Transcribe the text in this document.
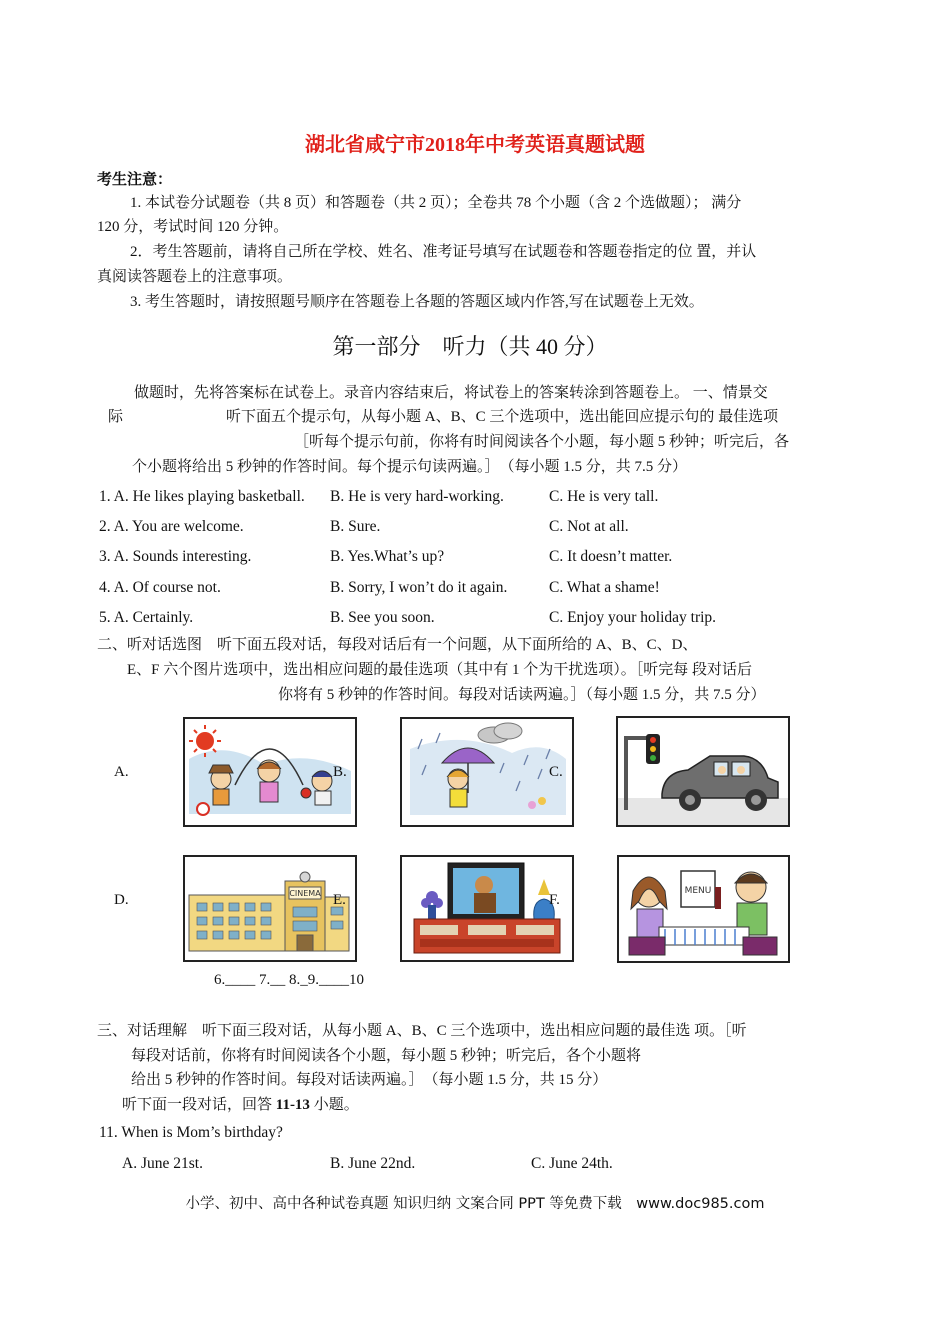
湖北省咸宁市2018年中考英语真题试题
考生注意：
1. 本试卷分试题卷（共 8 页）和答题卷（共 2 页）；全卷共 78 个小题（含 2 个选做题）； 满分
120 分，考试时间 120 分钟。
2．考生答题前，请将自己所在学校、姓名、准考证号填写在试题卷和答题卷指定的位 置，并认
真阅读答题卷上的注意事项。
3. 考生答题时，请按照题号顺序在答题卷上各题的答题区域内作答,写在试题卷上无效。
第一部分　听力（共 40 分）
做题时，先将答案标在试卷上。录音内容结束后，将试卷上的答案转涂到答题卷上。 一、情景交
际	听下面五个提示句，从每小题 A、B、C 三个选项中，选出能回应提示句的 最佳选项
［听每个提示句前，你将有时间阅读各个小题，每小题 5 秒钟；听完后，各
个小题将给出 5 秒钟的作答时间。每个提示句读两遍。］　（每小题 1.5 分，共 7.5 分）
1. A. He likes playing basketball. B. He is very hard-working.	C. He is very tall.
2. A. You are welcome.	B. Sure.	C. Not at all.
3. A. Sounds interesting.	B. Yes.What’s up?	C. It doesn’t matter.
4. A. Of course not.	B. Sorry, I won’t do it again.	C. What a shame!
5. A. Certainly.	B. See you soon.	C. Enjoy your holiday trip.
二、听对话选图　听下面五段对话，每段对话后有一个问题，从下面所给的 A、B、C、D、
E、F 六个图片选项中，选出相应问题的最佳选项（其中有 1 个为干扰选项）。［听完每 段对话后
你将有 5 秒钟的作答时间。每段对话读两遍。］（每小题 1.5 分，共 7.5 分）
A.	B.	C.
D.	CINEMA E.	F.
MENU
6.____ 7.__ 8._9.____10
三、对话理解　听下面三段对话，从每小题 A、B、C 三个选项中，选出相应问题的最佳选 项。［听
每段对话前，你将有时间阅读各个小题，每小题 5 秒钟；听完后，各个小题将
给出 5 秒钟的作答时间。每段对话读两遍。］　（每小题 1.5 分，共 15 分）
听下面一段对话，回答 11-13 小题。
11. When is Mom’s birthday?
A. June 21st.	B. June 22nd.	C. June 24th.
小学、初中、高中各种试卷真题 知识归纳 文案合同 PPT 等免费下载　www.doc985.com
